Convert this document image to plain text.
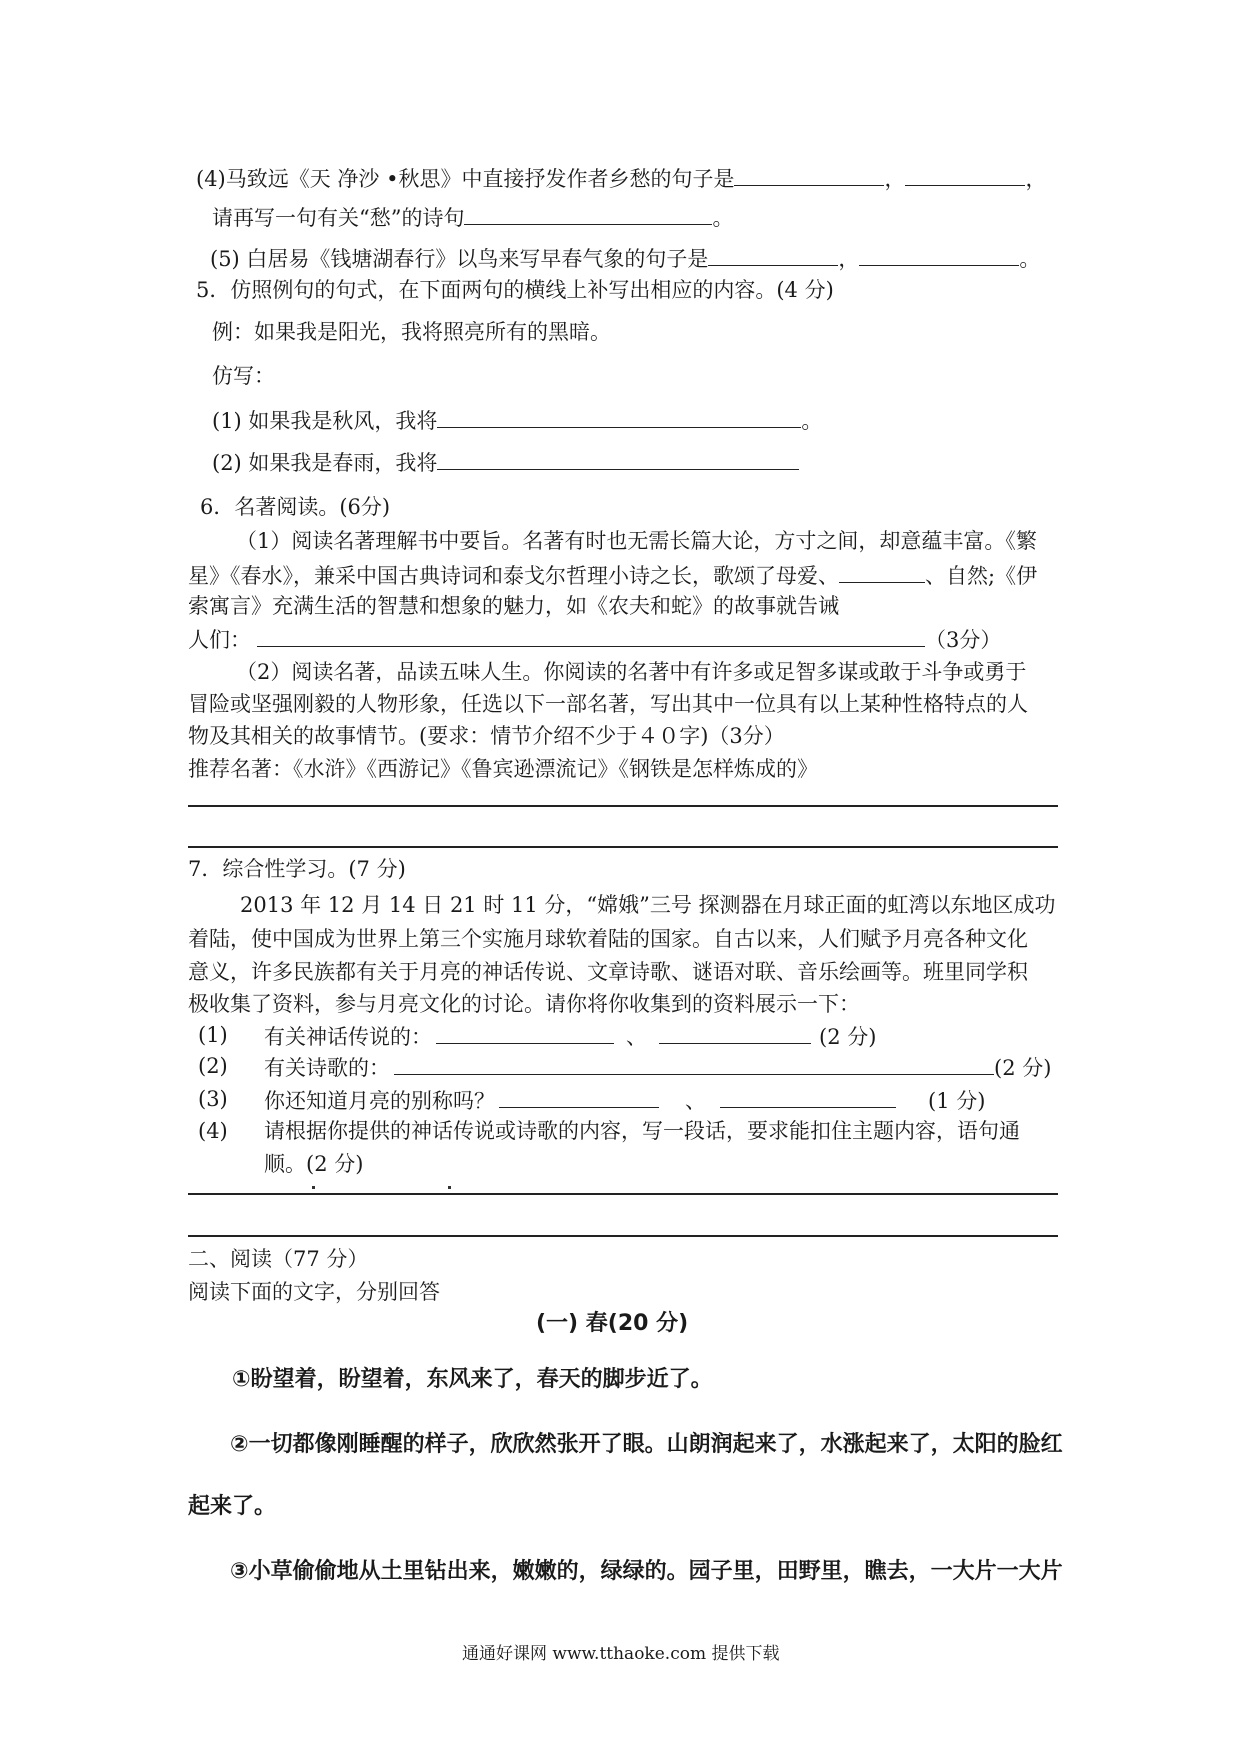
(4)马致远《天 净沙 •秋思》中直接抒发作者乡愁的句子是	，	，
请再写一句有关“愁”的诗句	。
(5) 白居易《钱塘湖春行》以鸟来写早春气象的句子是	，	。
5．仿照例句的句式，在下面两句的横线上补写出相应的内容。(4 分)
例：如果我是阳光，我将照亮所有的黑暗。
仿写：
(1) 如果我是秋风，我将	。
(2) 如果我是春雨，我将
6．名著阅读。(6分)
（1）阅读名著理解书中要旨。名著有时也无需长篇大论，方寸之间，却意蕴丰富。《繁
星》《春水》，兼采中国古典诗词和泰戈尔哲理小诗之长，歌颂了母爱、	、自然;《伊
索寓言》充满生活的智慧和想象的魅力，如《农夫和蛇》的故事就告诫
人们：	（3分）
（2）阅读名著，品读五味人生。你阅读的名著中有许多或足智多谋或敢于斗争或勇于
冒险或坚强刚毅的人物形象，任选以下一部名著，写出其中一位具有以上某种性格特点的人
物及其相关的故事情节。(要求：情节介绍不少于４０字)（3分）
推荐名著：《水浒》《西游记》《鲁宾逊漂流记》《钢铁是怎样炼成的》
7．综合性学习。(7 分)
2013 年 12 月 14 日 21 时 11 分，“嫦娥”三号 探测器在月球正面的虹湾以东地区成功
着陆，使中国成为世界上第三个实施月球软着陆的国家。自古以来，人们赋予月亮各种文化
意义，许多民族都有关于月亮的神话传说、文章诗歌、谜语对联、音乐绘画等。班里同学积
极收集了资料，参与月亮文化的讨论。请你将你收集到的资料展示一下：
(1) 有关神话传说的：	、	(2 分)
(2) 有关诗歌的：	(2 分)
(3) 你还知道月亮的别称吗？	、	(1 分)
(4) 请根据你提供的神话传说或诗歌的内容，写一段话，要求能扣住主题内容，语句通
顺。(2 分)
二、阅读（77 分）
阅读下面的文字，分别回答
(一) 春(20 分)
①盼望着，盼望着，东风来了，春天的脚步近了。
②一切都像刚睡醒的样子，欣欣然张开了眼。山朗润起来了，水涨起来了，太阳的脸红
起来了。
③小草偷偷地从土里钻出来，嫩嫩的，绿绿的。园子里，田野里，瞧去，一大片一大片
通通好课网 www.tthaoke.com 提供下载
